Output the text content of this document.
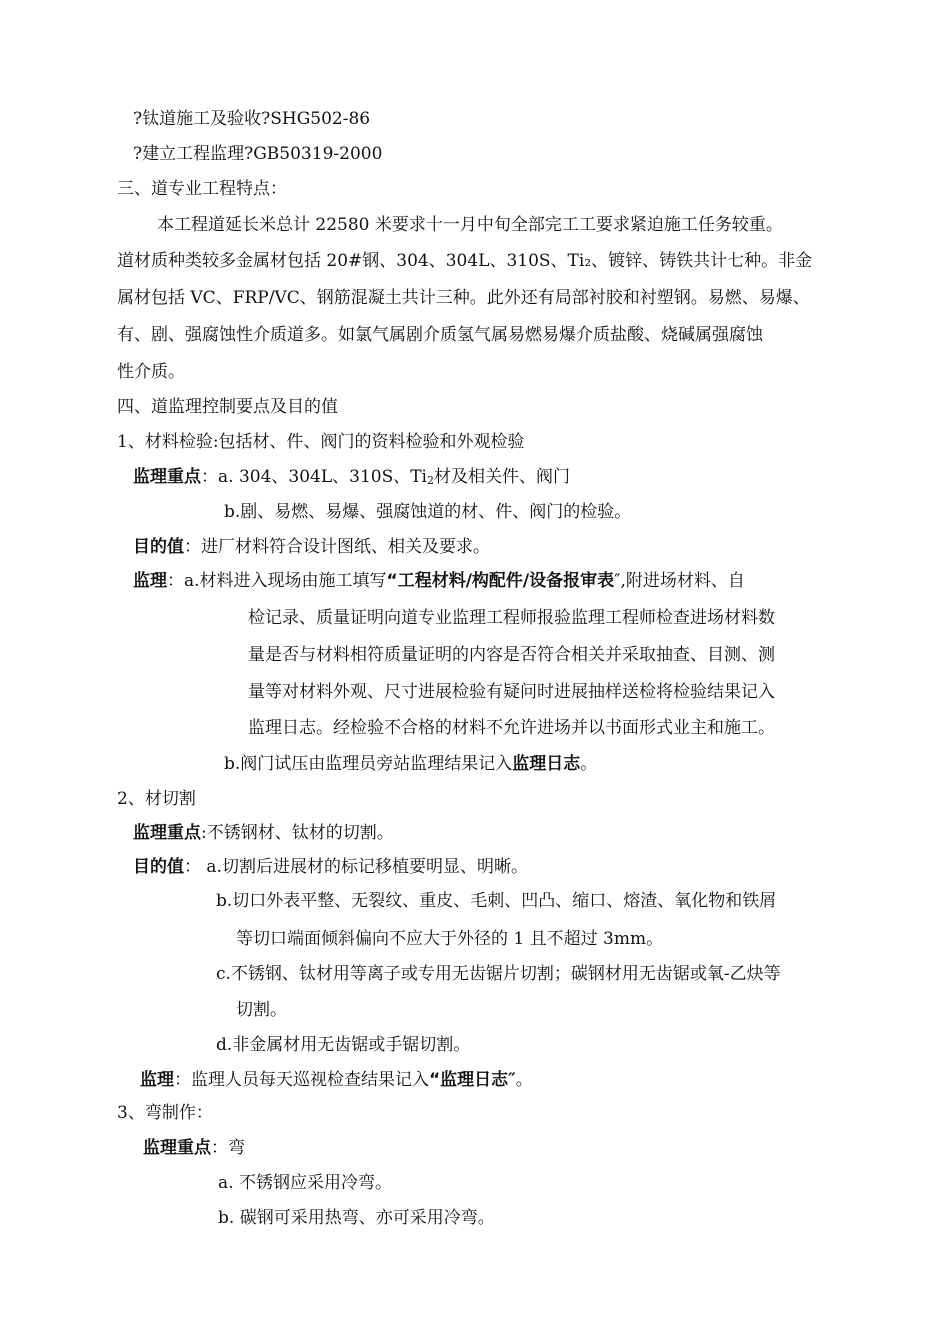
?钛道施工及验收?SHG502-86
?建立工程监理?GB50319-2000
三、道专业工程特点：
本工程道延长米总计 22580 米要求十一月中旬全部完工工要求紧迫施工任务较重。
道材质种类较多金属材包括 20#钢、304、304L、310S、Ti₂、镀锌、铸铁共计七种。非金
属材包括 VC、FRP/VC、钢筋混凝土共计三种。此外还有局部衬胶和衬塑钢。易燃、易爆、
有、剧、强腐蚀性介质道多。如氯气属剧介质氢气属易燃易爆介质盐酸、烧碱属强腐蚀
性介质。
四、道监理控制要点及目的值
1、材料检验:包括材、件、阀门的资料检验和外观检验
监理重点：a. 304、304L、310S、$Ti_2$材及相关件、阀门
b.剧、易燃、易爆、强腐蚀道的材、件、阀门的检验。
目的值：进厂材料符合设计图纸、相关及要求。
监理：a.材料进入现场由施工填写“工程材料/构配件/设备报审表″,附进场材料、自
检记录、质量证明向道专业监理工程师报验监理工程师检查进场材料数
量是否与材料相符质量证明的内容是否符合相关并采取抽查、目测、测
量等对材料外观、尺寸进展检验有疑问时进展抽样送检将检验结果记入
监理日志。经检验不合格的材料不允许进场并以书面形式业主和施工。
b.阀门试压由监理员旁站监理结果记入监理日志。
2、材切割
监理重点:不锈钢材、钛材的切割。
目的值： a.切割后进展材的标记移植要明显、明晰。
b.切口外表平整、无裂纹、重皮、毛刺、凹凸、缩口、熔渣、氧化物和铁屑
等切口端面倾斜偏向不应大于外径的 1 且不超过 3mm。
c.不锈钢、钛材用等离子或专用无齿锯片切割；碳钢材用无齿锯或氧-乙炔等
切割。
d.非金属材用无齿锯或手锯切割。
监理：监理人员每天巡视检查结果记入“监理日志″。
3、弯制作：
监理重点：弯
a. 不锈钢应采用冷弯。
b. 碳钢可采用热弯、亦可采用冷弯。
